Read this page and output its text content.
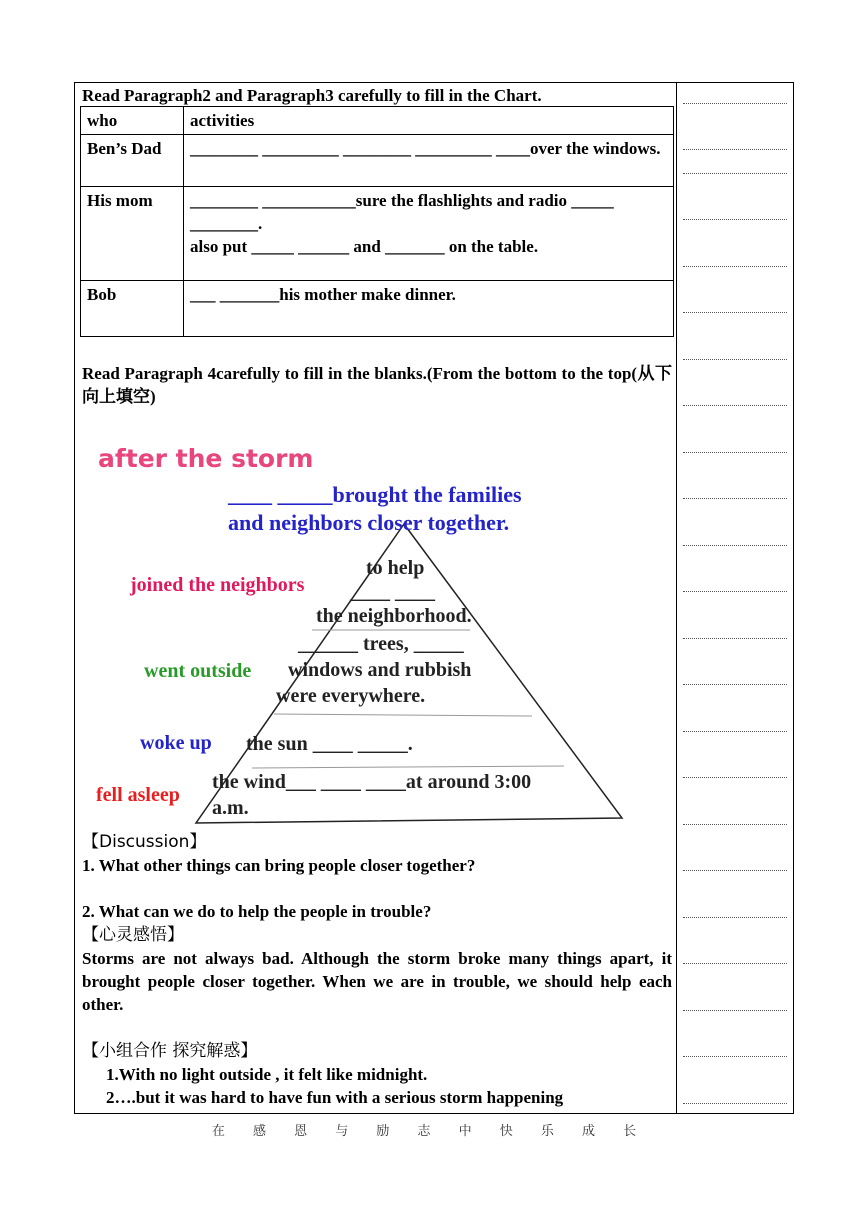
Read Paragraph2 and Paragraph3 carefully to fill in the Chart.
who	activities
Ben’s Dad	________ _________ ________ _________ ____over the windows.
His mom	________ ___________sure the flashlights and radio _____ ________.
also put _____ ______ and _______ on the table.

Bob	___ _______his mother make dinner.
Read Paragraph 4carefully to fill in the blanks.(From the bottom to the top(从下向上填空)
after the storm
____ _____brought the families
and neighbors closer together.
joined the neighbors
to help
____ ____
the neighborhood.
went outside
______ trees, _____
windows and rubbish
were everywhere.
woke up the sun ____ _____.
fell asleep
the wind___ ____ ____at around 3:00
a.m.

【Discussion】

1. What other things can bring people closer together?

2. What can we do to help the people in trouble?

【心灵感悟】

Storms are not always bad. Although the storm broke many things apart, it brought people closer together. When we are in trouble, we should help each other.

【小组合作 探究解惑】

1.With no light outside , it felt like midnight.

2….but it was hard to have fun with a serious storm happening

在 感 恩 与 励 志 中 快 乐 成 长
